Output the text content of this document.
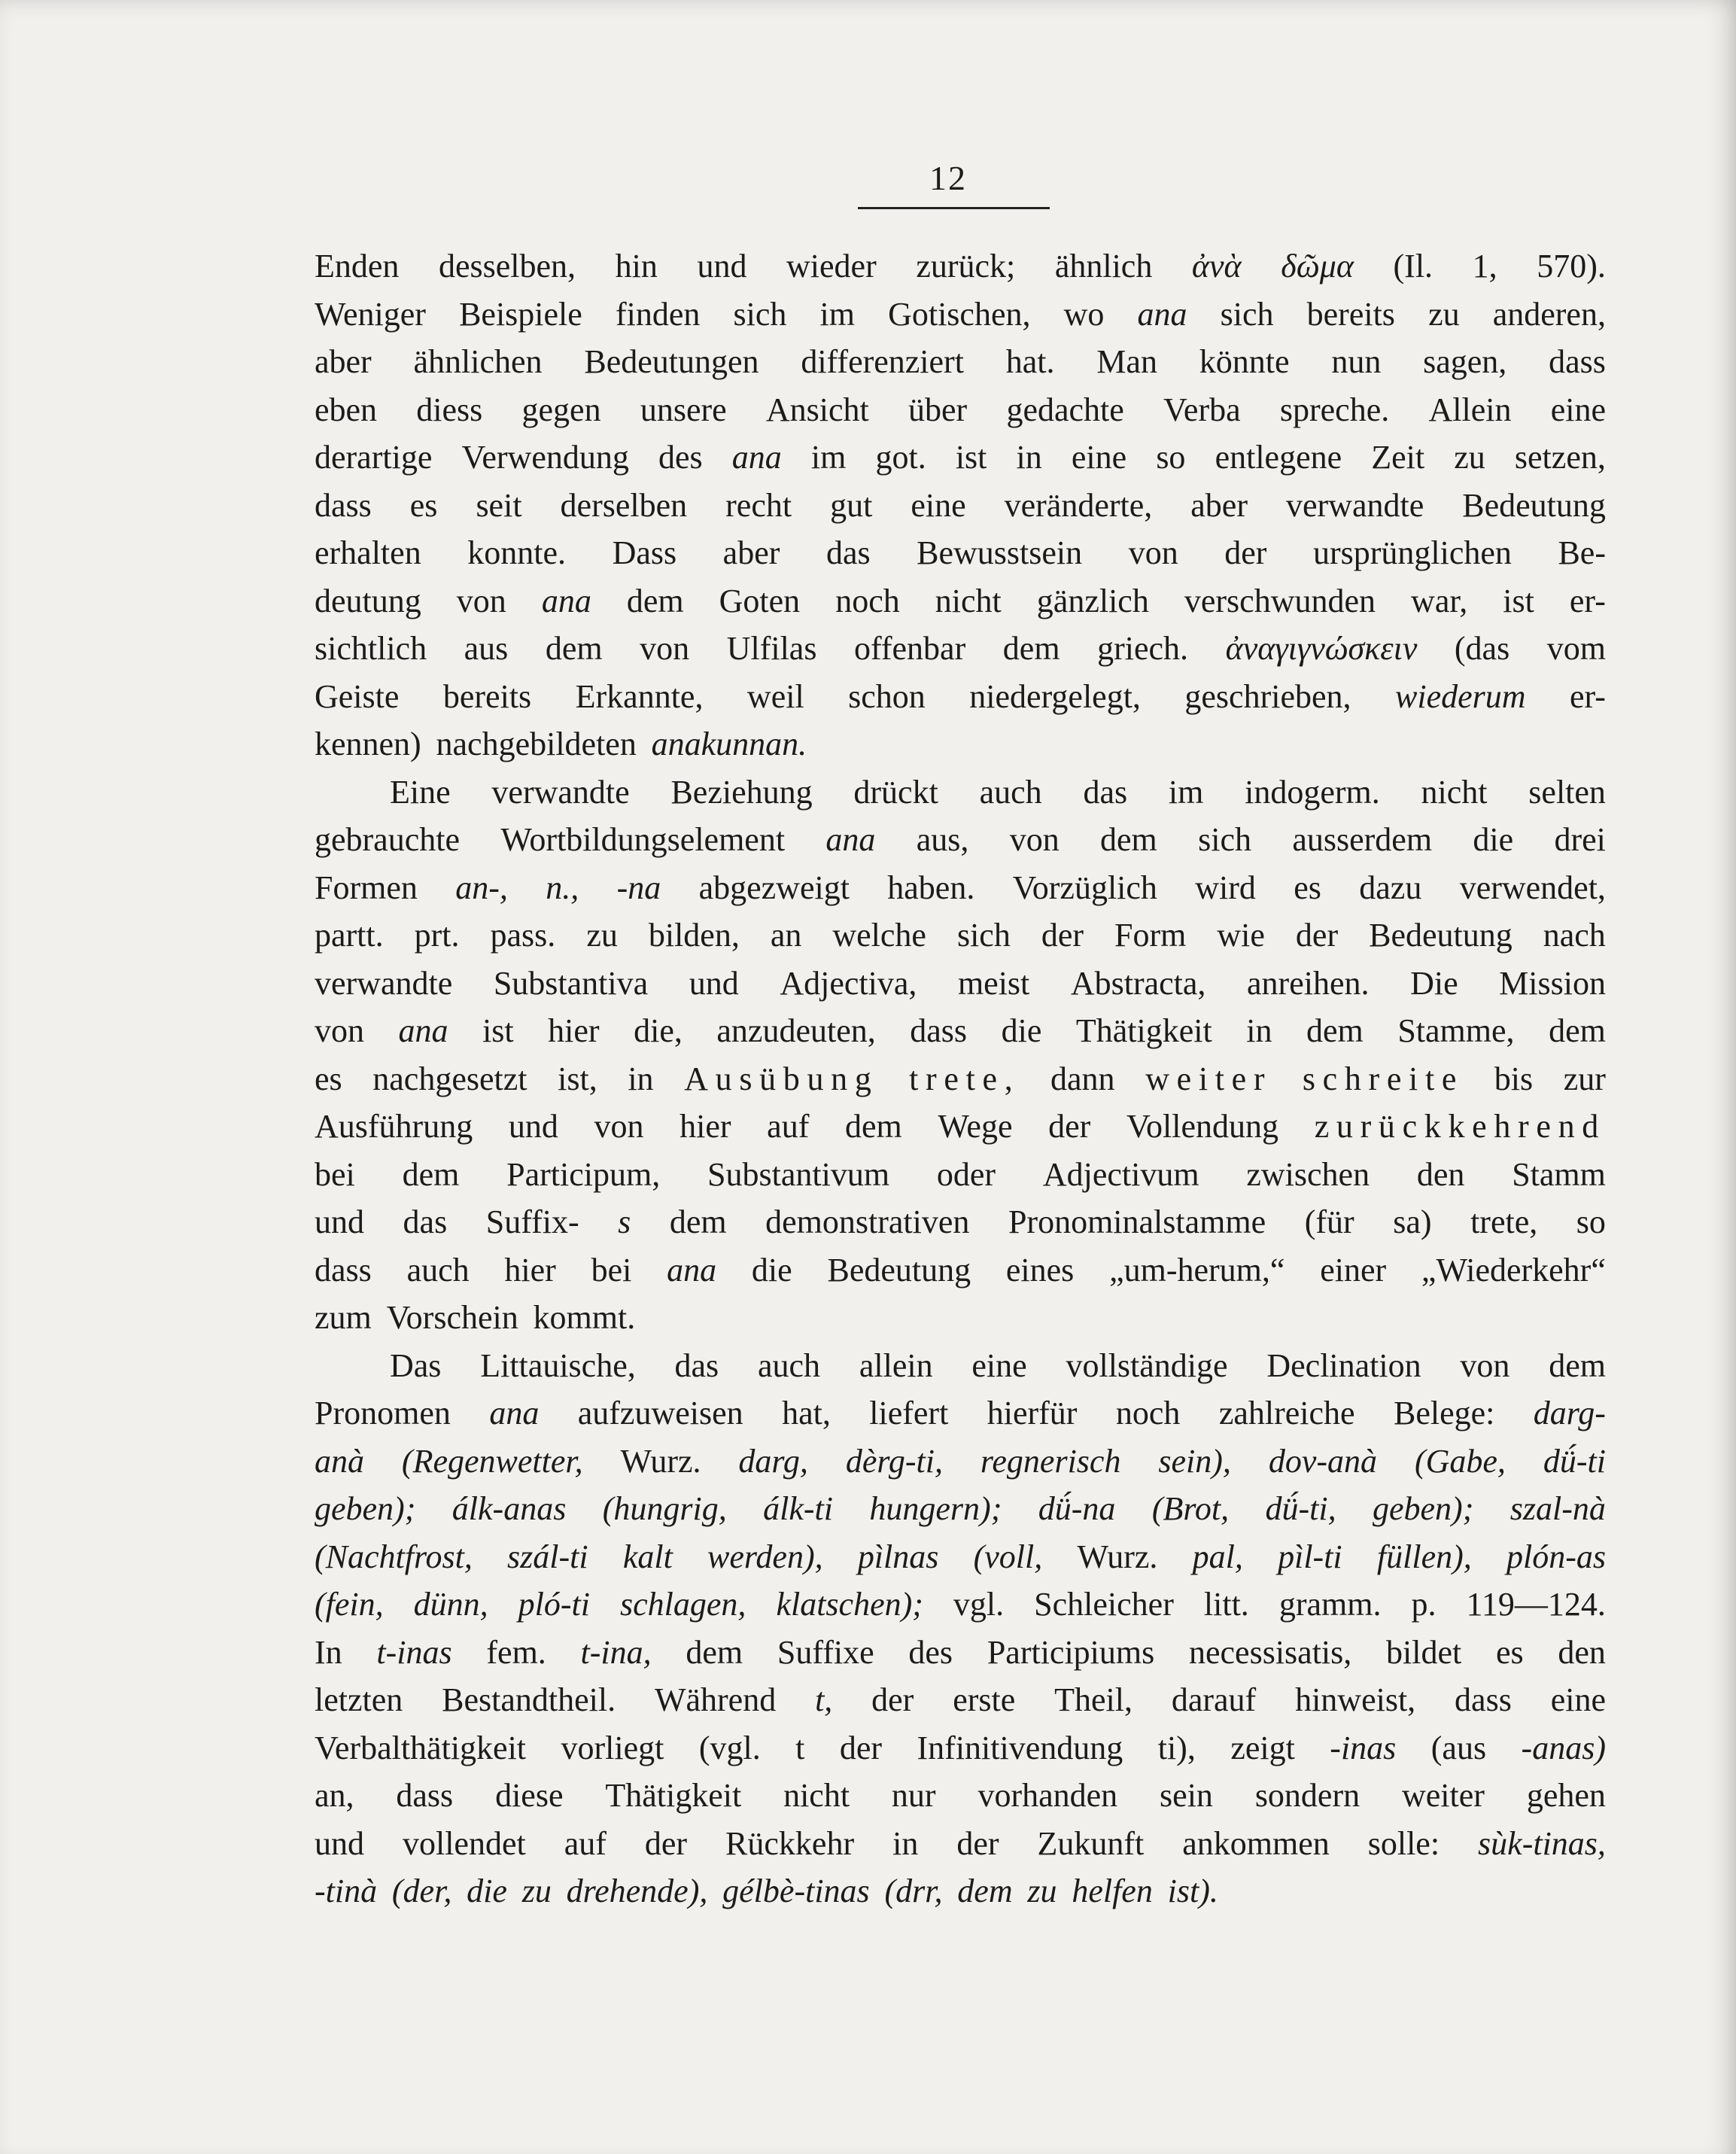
12
Enden desselben, hin und wieder zurück; ähnlich ἀνὰ δῶμα (Il. 1, 570).
Weniger Beispiele finden sich im Gotischen, wo ana sich bereits zu anderen,
aber ähnlichen Bedeutungen differenziert hat. Man könnte nun sagen, dass
eben diess gegen unsere Ansicht über gedachte Verba spreche. Allein eine
derartige Verwendung des ana im got. ist in eine so entlegene Zeit zu setzen,
dass es seit derselben recht gut eine veränderte, aber verwandte Bedeutung
erhalten konnte. Dass aber das Bewusstsein von der ursprünglichen Be-
deutung von ana dem Goten noch nicht gänzlich verschwunden war, ist er-
sichtlich aus dem von Ulfilas offenbar dem griech. ἀναγιγνώσκειν (das vom
Geiste bereits Erkannte, weil schon niedergelegt, geschrieben, wiederum er-
kennen) nachgebildeten anakunnan.
Eine verwandte Beziehung drückt auch das im indogerm. nicht selten
gebrauchte Wortbildungselement ana aus, von dem sich ausserdem die drei
Formen an-, n., -na abgezweigt haben. Vorzüglich wird es dazu verwendet,
partt. prt. pass. zu bilden, an welche sich der Form wie der Bedeutung nach
verwandte Substantiva und Adjectiva, meist Abstracta, anreihen. Die Mission
von ana ist hier die, anzudeuten, dass die Thätigkeit in dem Stamme, dem
es nachgesetzt ist, in Ausübung trete, dann weiter schreite bis zur
Ausführung und von hier auf dem Wege der Vollendung zurückkehrend
bei dem Participum, Substantivum oder Adjectivum zwischen den Stamm
und das Suffix- s dem demonstrativen Pronominalstamme (für sa) trete, so
dass auch hier bei ana die Bedeutung eines „um-herum,“ einer „Wiederkehr“
zum Vorschein kommt.
Das Littauische, das auch allein eine vollständige Declination von dem
Pronomen ana aufzuweisen hat, liefert hierfür noch zahlreiche Belege: darg-
anà (Regenwetter, Wurz. darg, dèrg-ti, regnerisch sein), dov-anà (Gabe, dǘ-ti
geben); álk-anas (hungrig, álk-ti hungern); dǘ-na (Brot, dǘ-ti, geben); szal-nà
(Nachtfrost, szál-ti kalt werden), pìlnas (voll, Wurz. pal, pìl-ti füllen), plón-as
(fein, dünn, pló-ti schlagen, klatschen); vgl. Schleicher litt. gramm. p. 119—124.
In t-inas fem. t-ina, dem Suffixe des Participiums necessisatis, bildet es den
letzten Bestandtheil. Während t, der erste Theil, darauf hinweist, dass eine
Verbalthätigkeit vorliegt (vgl. t der Infinitivendung ti), zeigt -inas (aus -anas)
an, dass diese Thätigkeit nicht nur vorhanden sein sondern weiter gehen
und vollendet auf der Rückkehr in der Zukunft ankommen solle: sùk-tinas,
-tinà (der, die zu drehende), gélbè-tinas (drr, dem zu helfen ist).
